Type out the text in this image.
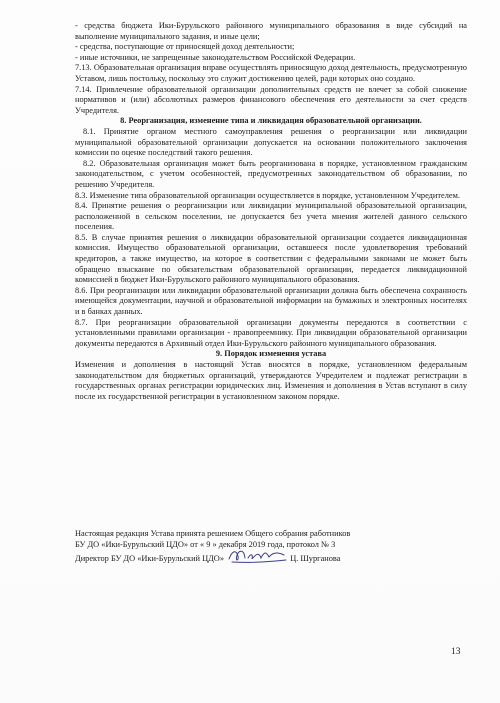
- средства бюджета Ики-Бурульского районного муниципального образования в виде субсидий на выполнение муниципального задания, и иные цели;

- средства, поступающие от приносящей доход деятельности;

- иные источники, не запрещенные законодательством Российской Федерации.

7.13. Образовательная организация вправе осуществлять приносящую доход деятельность, предусмотренную Уставом, лишь постольку, поскольку это служит достижению целей, ради которых оно создано.

7.14. Привлечение образовательной организации дополнительных средств не влечет за собой снижение нормативов и (или) абсолютных размеров финансового обеспечения его деятельности за счет средств Учредителя.

8. Реорганизация, изменение типа и ликвидация образовательной организации.

8.1. Принятие органом местного самоуправления решения о реорганизации или ликвидации муниципальной образовательной организации допускается на основании положительного заключения комиссии по оценке последствий такого решения.

8.2. Образовательная организация может быть реорганизована в порядке, установленном гражданским законодательством, с учетом особенностей, предусмотренных законодательством об образовании, по решению Учредителя.

8.3. Изменение типа образовательной организации осуществляется в порядке, установленном Учредителем.

8.4. Принятие решения о реорганизации или ликвидации муниципальной образовательной организации, расположенной в сельском поселении, не допускается без учета мнения жителей данного сельского поселения.

8.5. В случае принятия решения о ликвидации образовательной организации создается ликвидационная комиссия. Имущество образовательной организации, оставшееся после удовлетворения требований кредиторов, а также имущество, на которое в соответствии с федеральными законами не может быть обращено взыскание по обязательствам образовательной организации, передается ликвидационной комиссией в бюджет Ики-Бурульского районного муниципального образования.

8.6. При реорганизации или ликвидации образовательной организации должна быть обеспечена сохранность имеющейся документации, научной и образовательной информации на бумажных и электронных носителях и в банках данных.

8.7. При реорганизации образовательной организации документы передаются в соответствии с установленными правилами организации - правопреемнику. При ликвидации образовательной организации документы передаются в Архивный отдел Ики-Бурульского районного муниципального образования.

9. Порядок изменения устава

Изменения и дополнения в настоящий Устав вносятся в порядке, установленном федеральным законодательством для бюджетных организаций, утверждаются Учредителем и подлежат регистрации в государственных органах регистрации юридических лиц. Изменения и дополнения в Устав вступают в силу после их государственной регистрации в установленном законом порядке.

Настоящая редакция Устава принята решением Общего собрания работников

БУ ДО «Ики-Бурульский ЦДО» от « 9 » декабря 2019 года, протокол № 3

Директор БУ ДО «Ики-Бурульский ЦДО»	Ц. Шурганова

13
